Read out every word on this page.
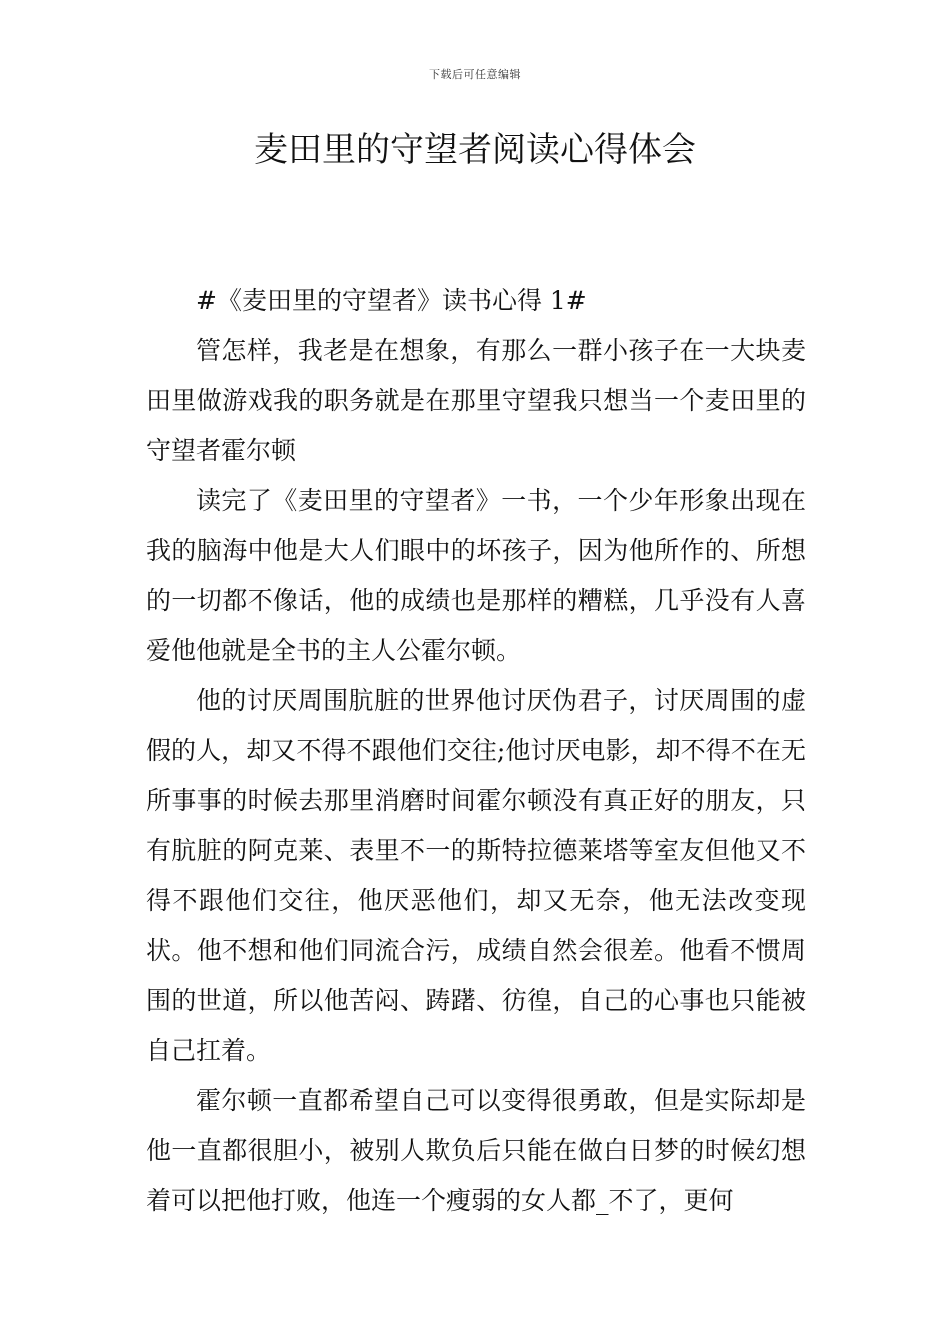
下载后可任意编辑
麦田里的守望者阅读心得体会

#《麦田里的守望者》读书心得 1#

管怎样，我老是在想象，有那么一群小孩子在一大块麦田里做游戏我的职务就是在那里守望我只想当一个麦田里的守望者霍尔顿

读完了《麦田里的守望者》一书，一个少年形象出现在我的脑海中他是大人们眼中的坏孩子，因为他所作的、所想的一切都不像话，他的成绩也是那样的糟糕，几乎没有人喜爱他他就是全书的主人公霍尔顿。

他的讨厌周围肮脏的世界他讨厌伪君子，讨厌周围的虚假的人，却又不得不跟他们交往;他讨厌电影，却不得不在无所事事的时候去那里消磨时间霍尔顿没有真正好的朋友，只有肮脏的阿克莱、表里不一的斯特拉德莱塔等室友但他又不得不跟他们交往，他厌恶他们，却又无奈，他无法改变现状。他不想和他们同流合污，成绩自然会很差。他看不惯周围的世道，所以他苦闷、踌躇、彷徨，自己的心事也只能被自己扛着。

霍尔顿一直都希望自己可以变得很勇敢，但是实际却是他一直都很胆小，被别人欺负后只能在做白日梦的时候幻想着可以把他打败，他连一个瘦弱的女人都_不了，更何
